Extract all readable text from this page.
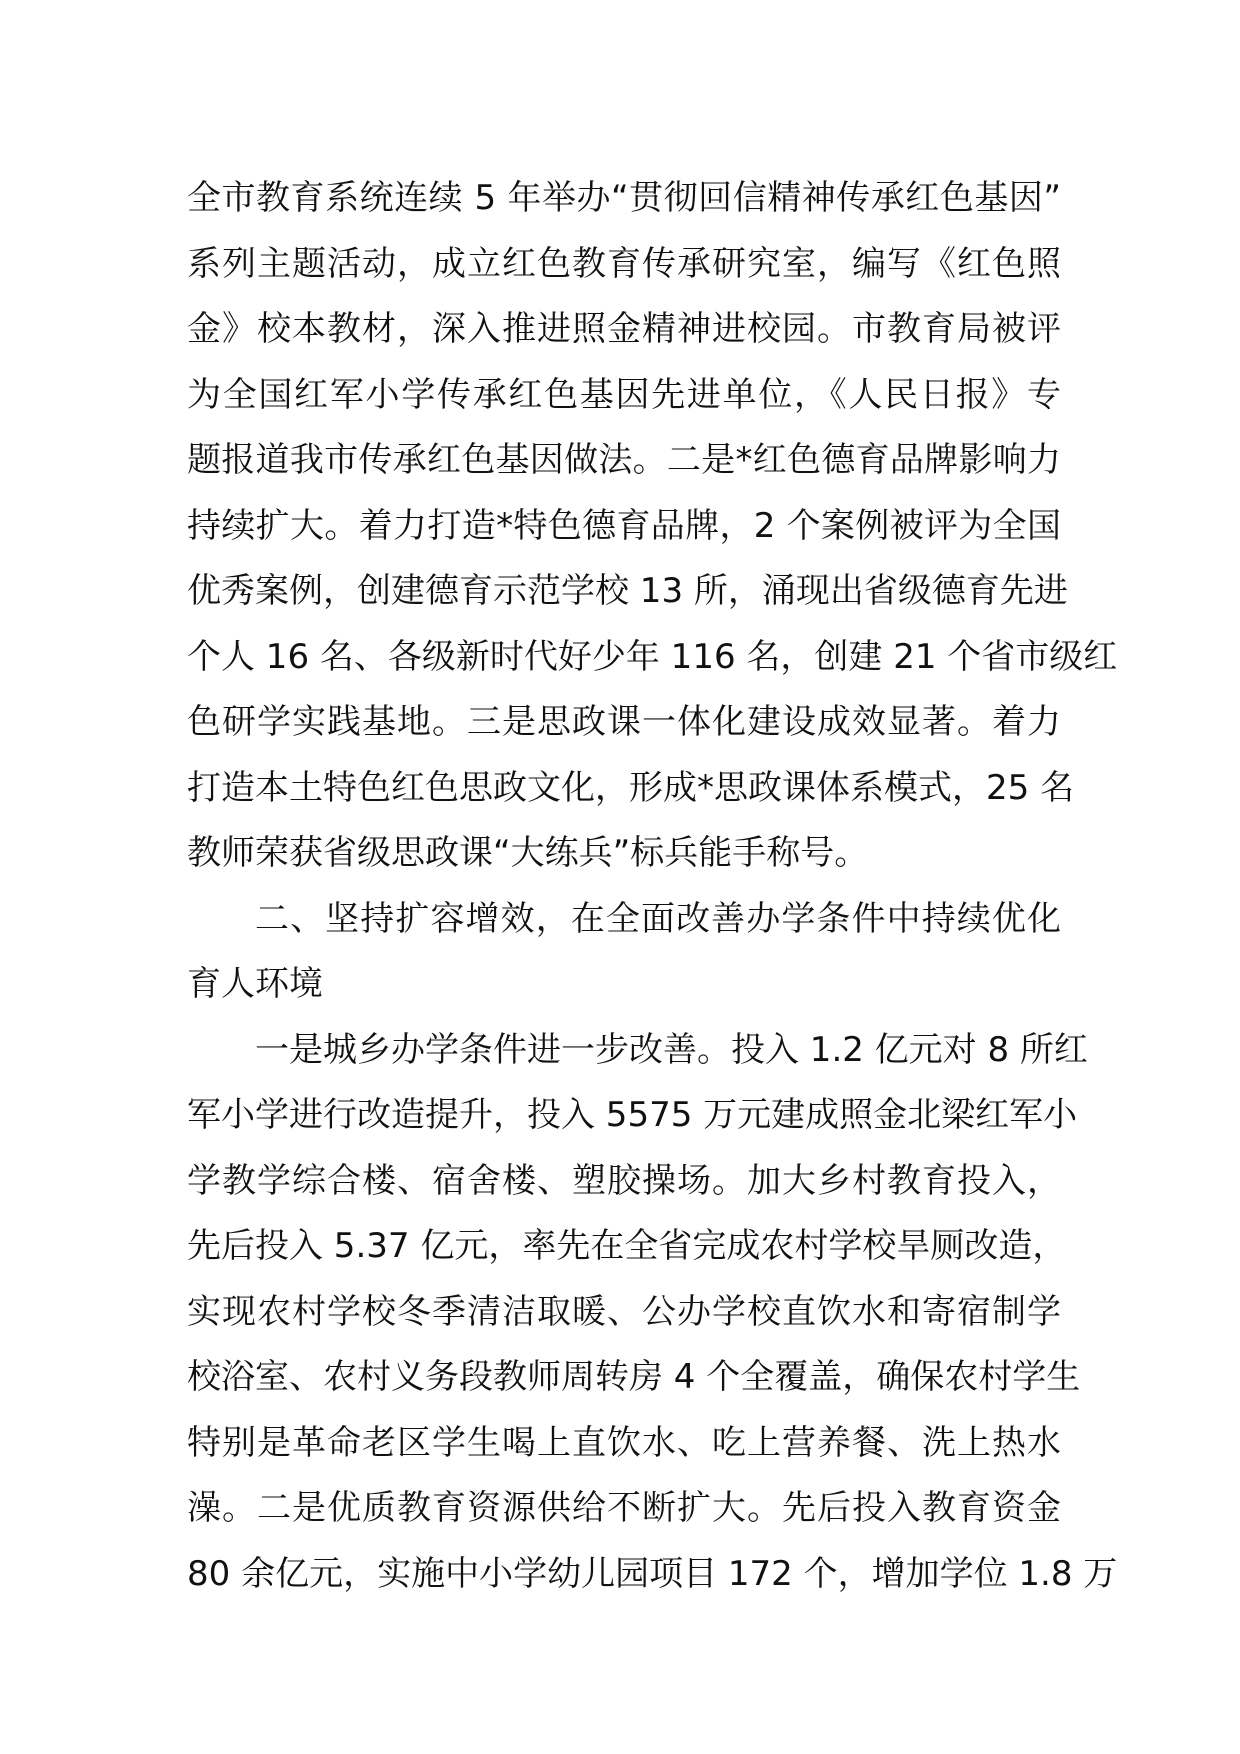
全市教育系统连续 5 年举办“贯彻回信精神传承红色基因”
系列主题活动，成立红色教育传承研究室，编写《红色照
金》校本教材，深入推进照金精神进校园。市教育局被评
为全国红军小学传承红色基因先进单位，《人民日报》专
题报道我市传承红色基因做法。二是*红色德育品牌影响力
持续扩大。着力打造*特色德育品牌，2 个案例被评为全国
优秀案例，创建德育示范学校 13 所，涌现出省级德育先进
个人 16 名、各级新时代好少年 116 名，创建 21 个省市级红
色研学实践基地。三是思政课一体化建设成效显著。着力
打造本土特色红色思政文化，形成*思政课体系模式，25 名
教师荣获省级思政课“大练兵”标兵能手称号。
二、坚持扩容增效，在全面改善办学条件中持续优化
育人环境
一是城乡办学条件进一步改善。投入 1.2 亿元对 8 所红
军小学进行改造提升，投入 5575 万元建成照金北梁红军小
学教学综合楼、宿舍楼、塑胶操场。加大乡村教育投入，
先后投入 5.37 亿元，率先在全省完成农村学校旱厕改造，
实现农村学校冬季清洁取暖、公办学校直饮水和寄宿制学
校浴室、农村义务段教师周转房 4 个全覆盖，确保农村学生
特别是革命老区学生喝上直饮水、吃上营养餐、洗上热水
澡。二是优质教育资源供给不断扩大。先后投入教育资金
80 余亿元，实施中小学幼儿园项目 172 个，增加学位 1.8 万
